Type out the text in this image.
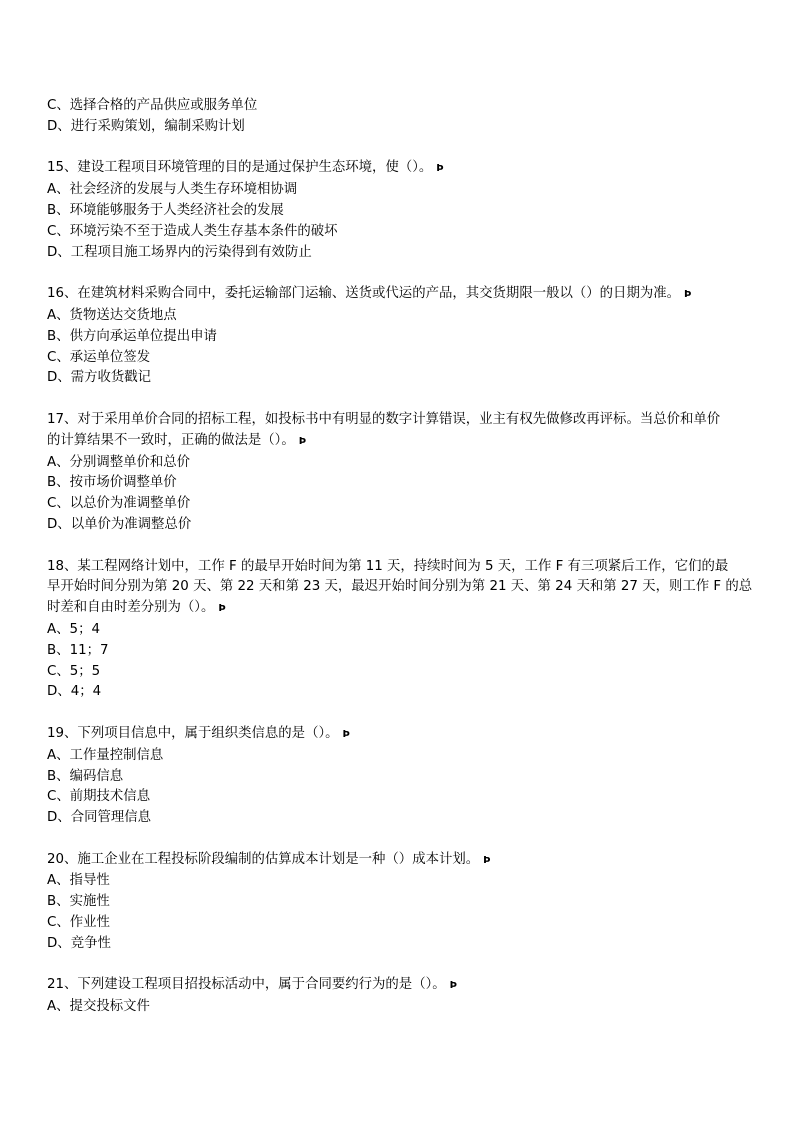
C、选择合格的产品供应或服务单位
D、进行采购策划，编制采购计划
15、建设工程项目环境管理的目的是通过保护生态环境，使（）。 Þ
A、社会经济的发展与人类生存环境相协调
B、环境能够服务于人类经济社会的发展
C、环境污染不至于造成人类生存基本条件的破坏
D、工程项目施工场界内的污染得到有效防止
16、在建筑材料采购合同中，委托运输部门运输、送货或代运的产品，其交货期限一般以（）的日期为准。 Þ
A、货物送达交货地点
B、供方向承运单位提出申请
C、承运单位签发
D、需方收货戳记
17、对于采用单价合同的招标工程，如投标书中有明显的数字计算错误，业主有权先做修改再评标。当总价和单价
的计算结果不一致时，正确的做法是（）。 Þ
A、分别调整单价和总价
B、按市场价调整单价
C、以总价为准调整单价
D、以单价为准调整总价
18、某工程网络计划中，工作 F 的最早开始时间为第 11 天，持续时间为 5 天，工作 F 有三项紧后工作，它们的最
早开始时间分别为第 20 天、第 22 天和第 23 天，最迟开始时间分别为第 21 天、第 24 天和第 27 天，则工作 F 的总
时差和自由时差分别为（）。 Þ
A、5；4
B、11；7
C、5；5
D、4；4
19、下列项目信息中，属于组织类信息的是（）。 Þ
A、工作量控制信息
B、编码信息
C、前期技术信息
D、合同管理信息
20、施工企业在工程投标阶段编制的估算成本计划是一种（）成本计划。 Þ
A、指导性
B、实施性
C、作业性
D、竞争性
21、下列建设工程项目招投标活动中，属于合同要约行为的是（）。 Þ
A、提交投标文件
